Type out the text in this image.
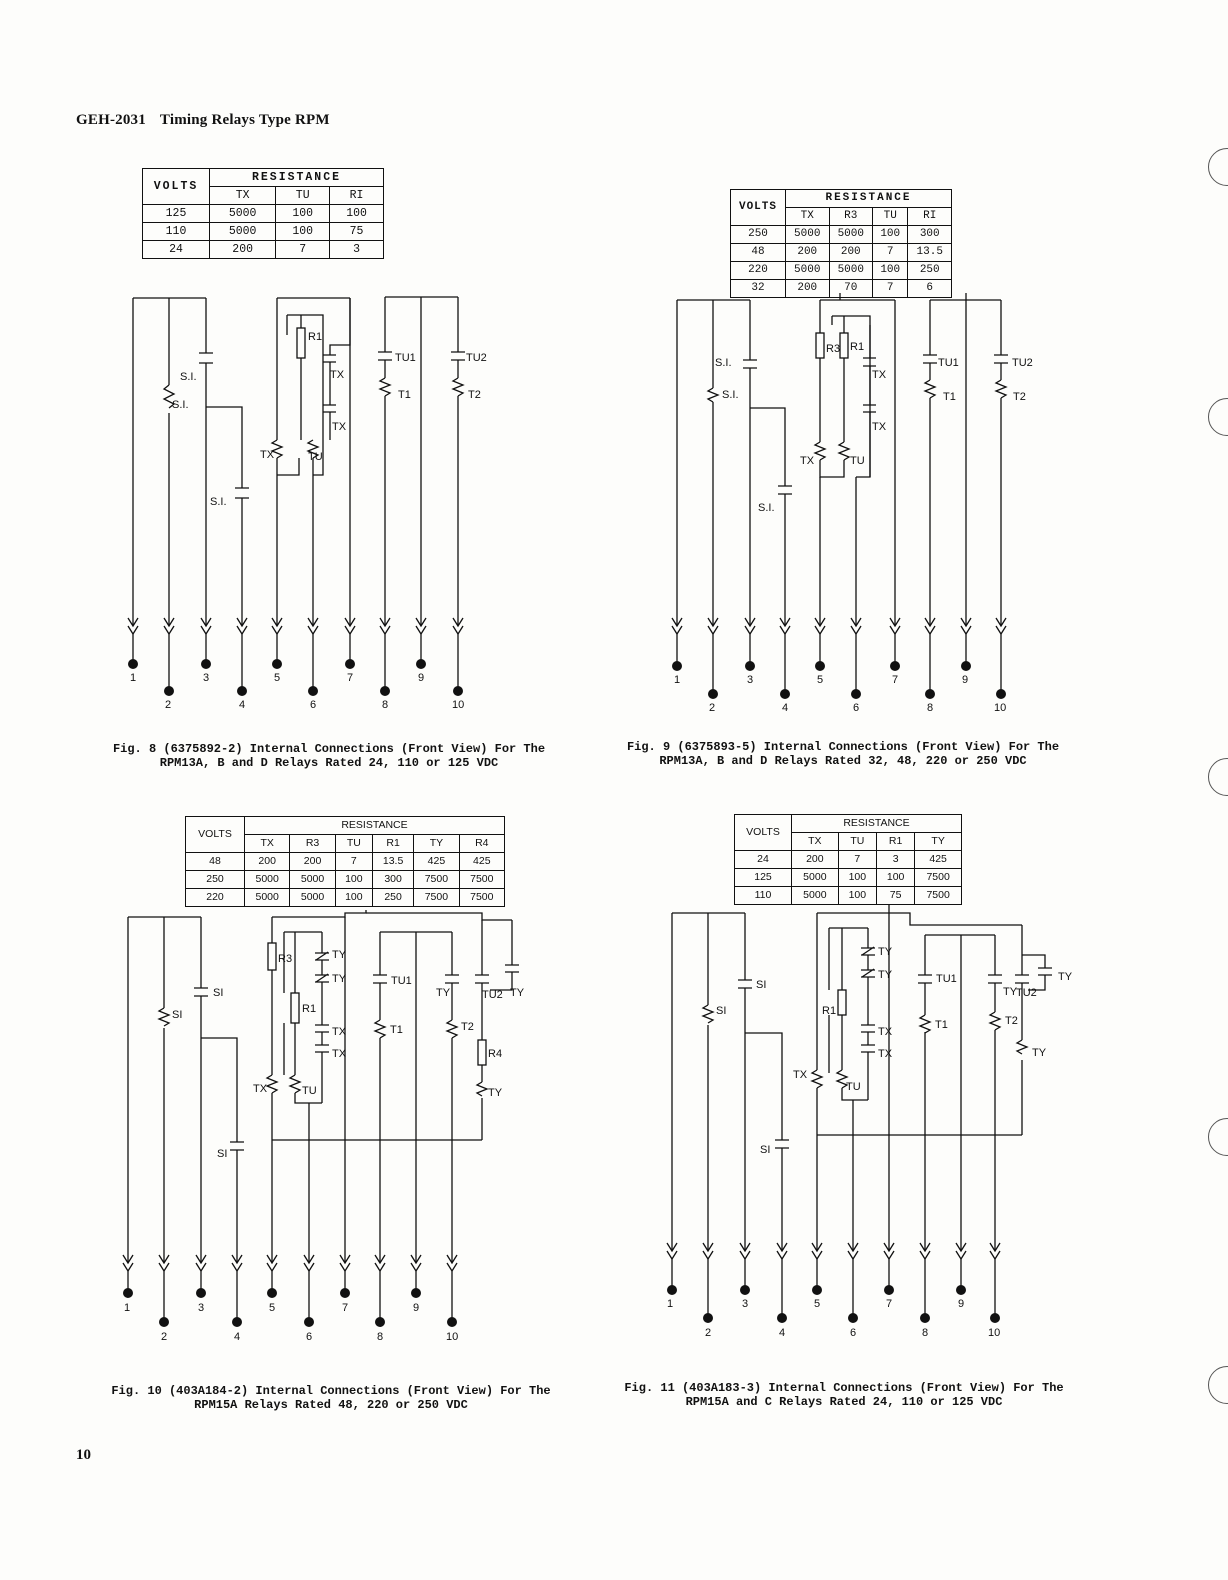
GEH-2031 Timing Relays Type RPM
VOLTS	RESISTANCE		
	TX	TU	RI
125	5000	100	100
110	5000	100	75
24	200	7	3
VOLTS	RESISTANCE			
	TX	R3	TU	RI
250	5000	5000	100	300
48	200	200	7	13.5
220	5000	5000	100	250
32	200	70	7	6
VOLTS	RESISTANCE					
	TX	R3	TU	R1	TY	R4
48	200	200	7	13.5	425	425
250	5000	5000	100	300	7500	7500
220	5000	5000	100	250	7500	7500
VOLTS	RESISTANCE			
	TX	TU	R1	TY
24	200	7	3	425
125	5000	100	100	7500
110	5000	100	75	7500
1
2
3
4
5
6
7
8
9
10
S.I.
S.I.
S.I.
R1
TX
TX
TX	TU
TU1	TU2
T1	T2
1
2
3
4
5
6
7
8
9
10
S.I.
S.I.
S.I.
R3 R1
TX
TX
TX	TU
TU1	TU2
T1	T2
1
2
3
4
5
6
7
8
9
10
SI
SI
SI
R3
R1
R4
TY
TY
TY	TY
TY
TX
TX
TX	TU
TU1
TU2
T1	T2
1
2
3
4
5
6
7
8
9
10
SI
SI
SI
R1
TY
TY
TY
TY
TY
TX
TX
TX
TU
TU1
TU2
T1	T2
Fig. 8 (6375892-2) Internal Connections (Front View) For The
RPM13A, B and D Relays Rated 24, 110 or 125 VDC
Fig. 9 (6375893-5) Internal Connections (Front View) For The
RPM13A, B and D Relays Rated 32, 48, 220 or 250 VDC
Fig. 10 (403A184-2) Internal Connections (Front View) For The
RPM15A Relays Rated 48, 220 or 250 VDC
Fig. 11 (403A183-3) Internal Connections (Front View) For The
RPM15A and C Relays Rated 24, 110 or 125 VDC
10
